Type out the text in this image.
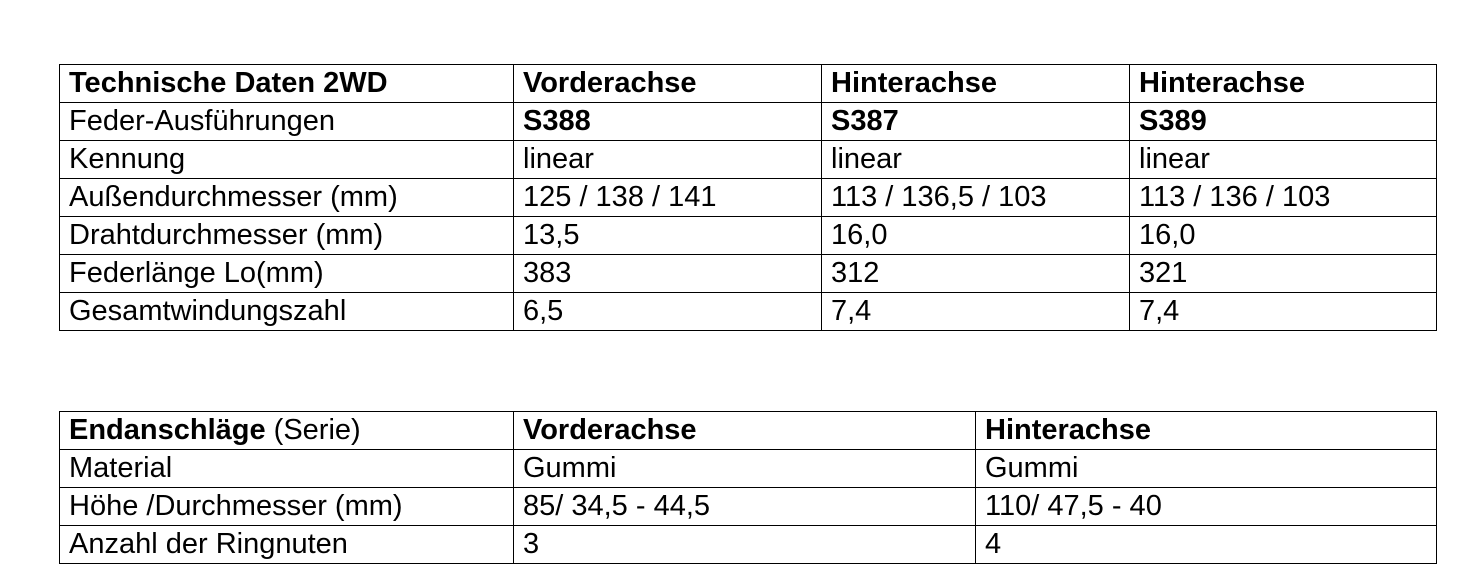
Technische Daten 2WD	Vorderachse	Hinterachse	Hinterachse
Feder-Ausführungen	S388	S387	S389
Kennung	linear	linear	linear
Außendurchmesser (mm)	125 / 138 / 141	113 / 136,5 / 103	113 / 136 / 103
Drahtdurchmesser (mm)	13,5	16,0	16,0
Federlänge Lo(mm)	383	312	321
Gesamtwindungszahl	6,5	7,4	7,4
Endanschläge (Serie)	Vorderachse	Hinterachse
Material	Gummi	Gummi
Höhe /Durchmesser (mm)	85/ 34,5 - 44,5	110/ 47,5 - 40
Anzahl der Ringnuten	3	4
